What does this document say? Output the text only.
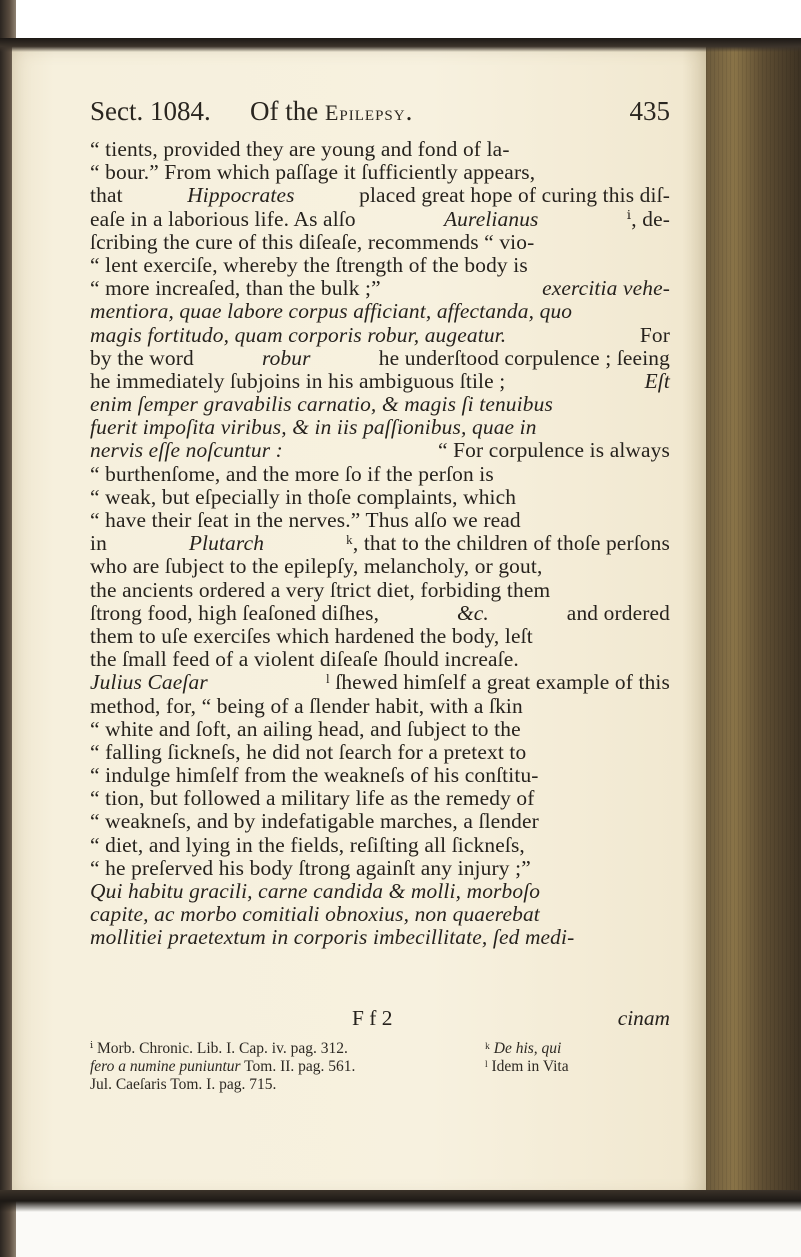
Sect. 1084. Of the Epilepsy.	435
“ tients, provided they are young and fond of la-
“ bour.” From which paſſage it ſufficiently appears,
that	Hippocrates	placed great hope of curing this diſ-
eaſe in a laborious life. As alſo	Aurelianus	ⁱ, de-
ſcribing the cure of this diſeaſe, recommends “ vio-
“ lent exerciſe, whereby the ſtrength of the body is
“ more increaſed, than the bulk ;”	exercitia vehe-
mentiora, quae labore corpus afficiant, affectanda, quo
magis fortitudo, quam corporis robur, augeatur.	For
by the word	robur	he underſtood corpulence ; ſeeing
he immediately ſubjoins in his ambiguous ſtile ;	Eſt
enim ſemper gravabilis carnatio, & magis ſi tenuibus
fuerit impoſita viribus, & in iis paſſionibus, quae in
nervis eſſe noſcuntur :	“ For corpulence is always
“ burthenſome, and the more ſo if the perſon is
“ weak, but eſpecially in thoſe complaints, which
“ have their ſeat in the nerves.” Thus alſo we read
in	Plutarch	ᵏ, that to the children of thoſe perſons
who are ſubject to the epilepſy, melancholy, or gout,
the ancients ordered a very ſtrict diet, forbiding them
ſtrong food, high ſeaſoned diſhes,	&c.	and ordered
them to uſe exerciſes which hardened the body, leſt
the ſmall feed of a violent diſeaſe ſhould increaſe.
Julius Caeſar	ˡ ſhewed himſelf a great example of this
method, for, “ being of a ſlender habit, with a ſkin
“ white and ſoft, an ailing head, and ſubject to the
“ falling ſickneſs, he did not ſearch for a pretext to
“ indulge himſelf from the weakneſs of his conſtitu-
“ tion, but followed a military life as the remedy of
“ weakneſs, and by indefatigable marches, a ſlender
“ diet, and lying in the fields, reſiſting all ſickneſs,
“ he preſerved his body ſtrong againſt any injury ;”
Qui habitu gracili, carne candida & molli, morboſo
capite, ac morbo comitiali obnoxius, non quaerebat
mollitiei praetextum in corporis imbecillitate, ſed medi-
F f 2	cinam
ⁱ Morb. Chronic. Lib. I. Cap. iv. pag. 312.	ᵏ De his, qui
fero a numine puniuntur Tom. II. pag. 561.	ˡ Idem in Vita
Jul. Caeſaris Tom. I. pag. 715.
